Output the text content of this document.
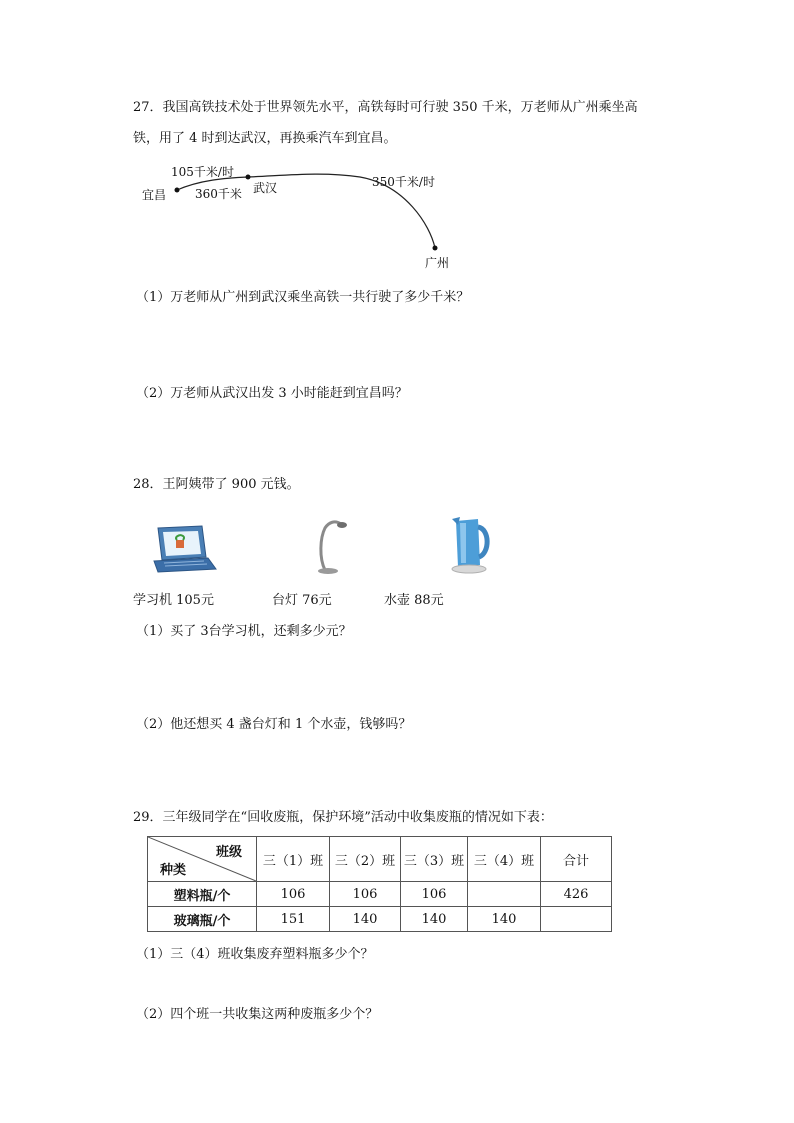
27．我国高铁技术处于世界领先水平，高铁每时可行驶 350 千米，万老师从广州乘坐高
铁，用了 4 时到达武汉，再换乘汽车到宜昌。
宜昌	武汉
广州
105千米/时
360千米
350千米/时
（1）万老师从广州到武汉乘坐高铁一共行驶了多少千米？
（2）万老师从武汉出发 3 小时能赶到宜昌吗？
28．王阿姨带了 900 元钱。
学习机 105元	台灯 76元	水壶 88元
（1）买了 3台学习机，还剩多少元？
（2）他还想买 4 盏台灯和 1 个水壶，钱够吗？
29．三年级同学在“回收废瓶，保护环境”活动中收集废瓶的情况如下表：
班级
种类	三（1）班	三（2）班	三（3）班	三（4）班	合计
塑料瓶/个	106	106	106		426
玻璃瓶/个	151	140	140	140	
（1）三（4）班收集废弃塑料瓶多少个？
（2）四个班一共收集这两种废瓶多少个？
